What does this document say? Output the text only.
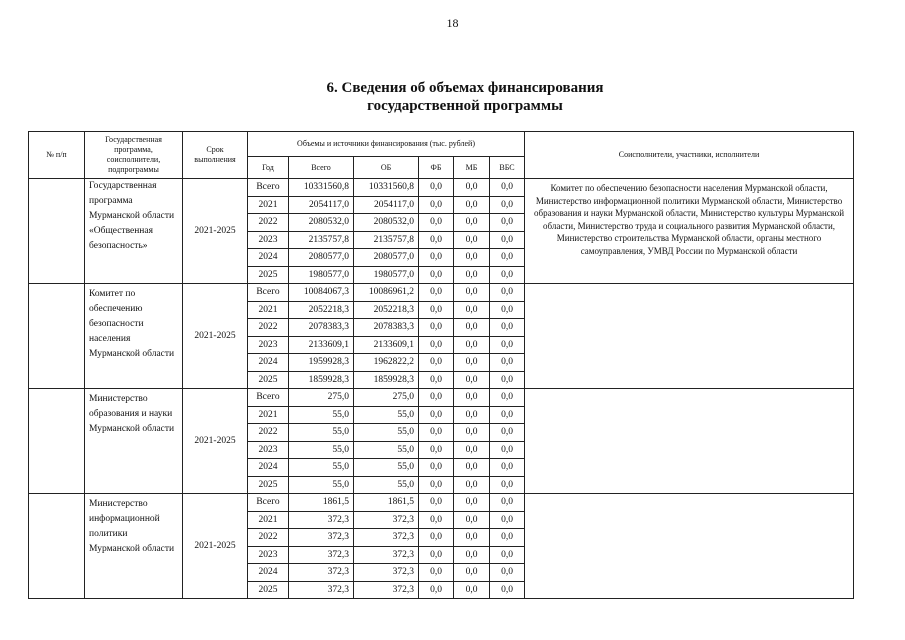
18
6. Сведения об объемах финансирования
государственной программы
№ п/п	Государственная программа, соисполнители, подпрограммы	Срок выполнения	Объемы и источники финансирования (тыс. рублей)						Соисполнители, участники, исполнители
			Год	Всего	ОБ	ФБ	МБ	ВБС	
	Государственная программа Мурманской области «Общественная безопасность»	2021-2025	Всего	10331560,8	10331560,8	0,0	0,0	0,0	Комитет по обеспечению безопасности населения Мурманской области, Министерство информационной политики Мурманской области, Министерство образования и науки Мурманской области, Министерство культуры Мурманской области, Министерство труда и социального развития Мурманской области, Министерство строительства Мурманской области, органы местного самоуправления, УМВД России по Мурманской области
			2021	2054117,0	2054117,0	0,0	0,0	0,0	
			2022	2080532,0	2080532,0	0,0	0,0	0,0	
			2023	2135757,8	2135757,8	0,0	0,0	0,0	
			2024	2080577,0	2080577,0	0,0	0,0	0,0	
			2025	1980577,0	1980577,0	0,0	0,0	0,0	
	Комитет по обеспечению безопасности населения Мурманской области	2021-2025	Всего	10084067,3	10086961,2	0,0	0,0	0,0	
			2021	2052218,3	2052218,3	0,0	0,0	0,0	
			2022	2078383,3	2078383,3	0,0	0,0	0,0	
			2023	2133609,1	2133609,1	0,0	0,0	0,0	
			2024	1959928,3	1962822,2	0,0	0,0	0,0	
			2025	1859928,3	1859928,3	0,0	0,0	0,0	
	Министерство образования и науки Мурманской области	2021-2025	Всего	275,0	275,0	0,0	0,0	0,0	
			2021	55,0	55,0	0,0	0,0	0,0	
			2022	55,0	55,0	0,0	0,0	0,0	
			2023	55,0	55,0	0,0	0,0	0,0	
			2024	55,0	55,0	0,0	0,0	0,0	
			2025	55,0	55,0	0,0	0,0	0,0	
	Министерство информационной политики Мурманской области	2021-2025	Всего	1861,5	1861,5	0,0	0,0	0,0	
			2021	372,3	372,3	0,0	0,0	0,0	
			2022	372,3	372,3	0,0	0,0	0,0	
			2023	372,3	372,3	0,0	0,0	0,0	
			2024	372,3	372,3	0,0	0,0	0,0	
			2025	372,3	372,3	0,0	0,0	0,0	
